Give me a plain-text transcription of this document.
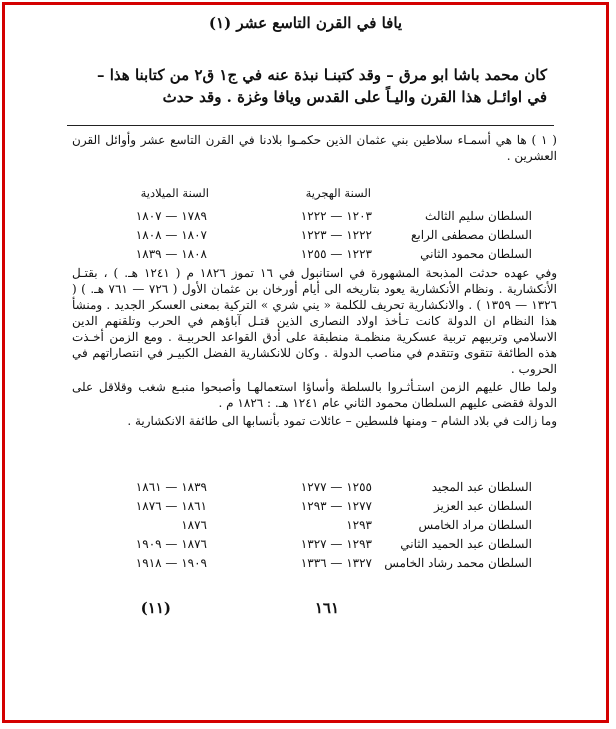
يافا في القرن التاسع عشر (١)
كان محمد باشا ابو مرق – وقد كتبنـا نبذة عنه في ج١ ق٢ من كتابنا هذا – في اوائـل هذا القرن واليـاً على القدس ويافا وغزة . وقد حدث
( ١ ) ها هي أسمـاء سلاطين بني عثمان الذين حكمـوا بلادنا في القرن التاسع عشر وأوائل القرن العشرين .
السنة الهجرية
السنة الميلادية
السلطان سليم الثالث
١٢٠٣ — ١٢٢٢
١٧٨٩ — ١٨٠٧
السلطان مصطفى الرابع
١٢٢٢ — ١٢٢٣
١٨٠٧ — ١٨٠٨
السلطان محمود الثاني
١٢٢٣ — ١٢٥٥
١٨٠٨ — ١٨٣٩

وفي عهده حدثت المذبحة المشهورة في استانبول في ١٦ تموز ١٨٢٦ م ( ١٢٤١ هـ. ) ، بقتـل الأنكشارية . ونظام الأنكشارية يعود بتاريخه الى أيام أورخان بن عثمان الأول ( ٧٢٦ — ٧٦١ هـ. ) ( ١٣٢٦ — ١٣٥٩ ) . والانكشارية تحريف للكلمة « يني شري » التركية بمعنى العسكر الجديد . ومنشأ هذا النظام ان الدولة كانت تـأخذ اولاد النصارى الذين قتـل آباؤهم في الحرب وتلقنهم الدين الاسلامي وتربيهم تربية عسكرية منظمـة منطبقة على أدق القواعد الحربيـة . ومع الزمن أخـذت هذه الطائفة تتقوى وتتقدم في مناصب الدولة . وكان للانكشارية الفضل الكبيـر في انتصاراتهم في الحروب .

ولما طال عليهم الزمن استـأثـروا بالسلطة وأساؤا استعمالهـا وأصبحوا منبـع شغب وقلاقل على الدولة فقضى عليهم السلطان محمود الثاني عام ١٢٤١ هـ. : ١٨٢٦ م .

وما زالت في بلاد الشام – ومنها فلسطين – عائلات تمود بأنسابها الى طائفة الانكشارية .

السلطان عبد المجيد
١٢٥٥ — ١٢٧٧
١٨٣٩ — ١٨٦١
السلطان عبد العزيز
١٢٧٧ — ١٢٩٣
١٨٦١ — ١٨٧٦
السلطان مراد الخامس
١٢٩٣
١٨٧٦
السلطان عبد الحميد الثاني
١٢٩٣ — ١٣٢٧
١٨٧٦ — ١٩٠٩
السلطان محمد رشاد الخامس
١٣٢٧ — ١٣٣٦
١٩٠٩ — ١٩١٨
١٦١
(١١)
